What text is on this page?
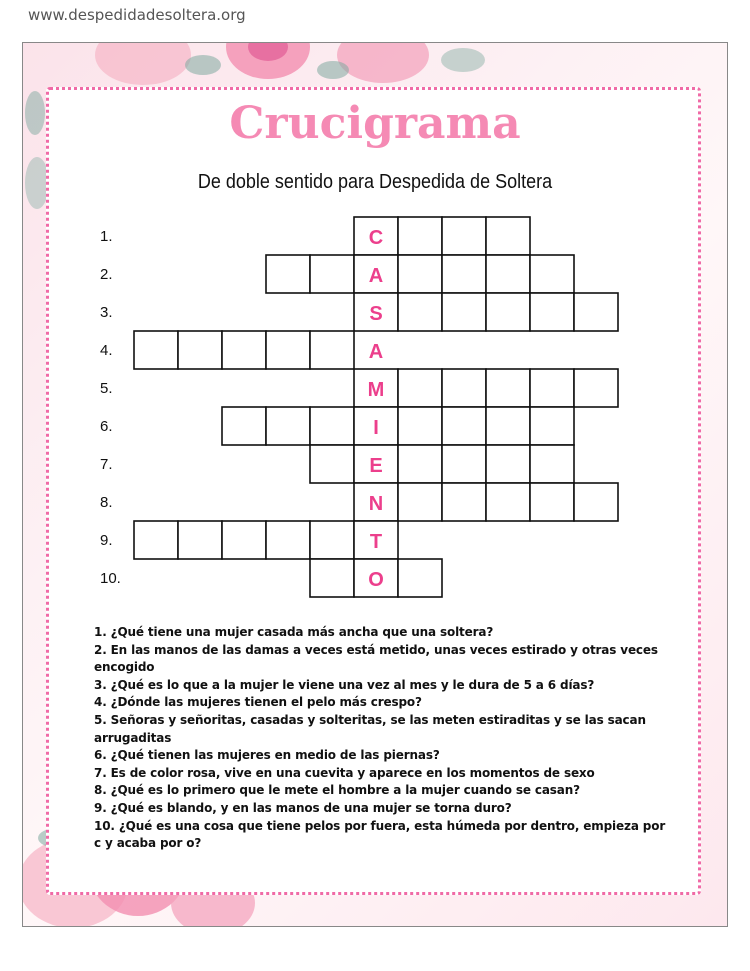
www.despedidadesoltera.org
Crucigrama
De doble sentido para Despedida de Soltera
1.	C
2.	A
3.	S
4.	A
5.	M
6.	I
7.	E
8.	N
9.	T
10.	O

1. ¿Qué tiene una mujer casada más ancha que una soltera?

2. En las manos de las damas a veces está metido, unas veces estirado y otras veces encogido

3. ¿Qué es lo que a la mujer le viene una vez al mes y le dura de 5 a 6 días?

4. ¿Dónde las mujeres tienen el pelo más crespo?

5. Señoras y señoritas, casadas y solteritas, se las meten estiraditas y se las sacan arrugaditas

6. ¿Qué tienen las mujeres en medio de las piernas?

7. Es de color rosa, vive en una cuevita y aparece en los momentos de sexo

8. ¿Qué es lo primero que le mete el hombre a la mujer cuando se casan?

9. ¿Qué es blando, y en las manos de una mujer se torna duro?

10. ¿Qué es una cosa que tiene pelos por fuera, esta húmeda por dentro, empieza por c y acaba por o?
